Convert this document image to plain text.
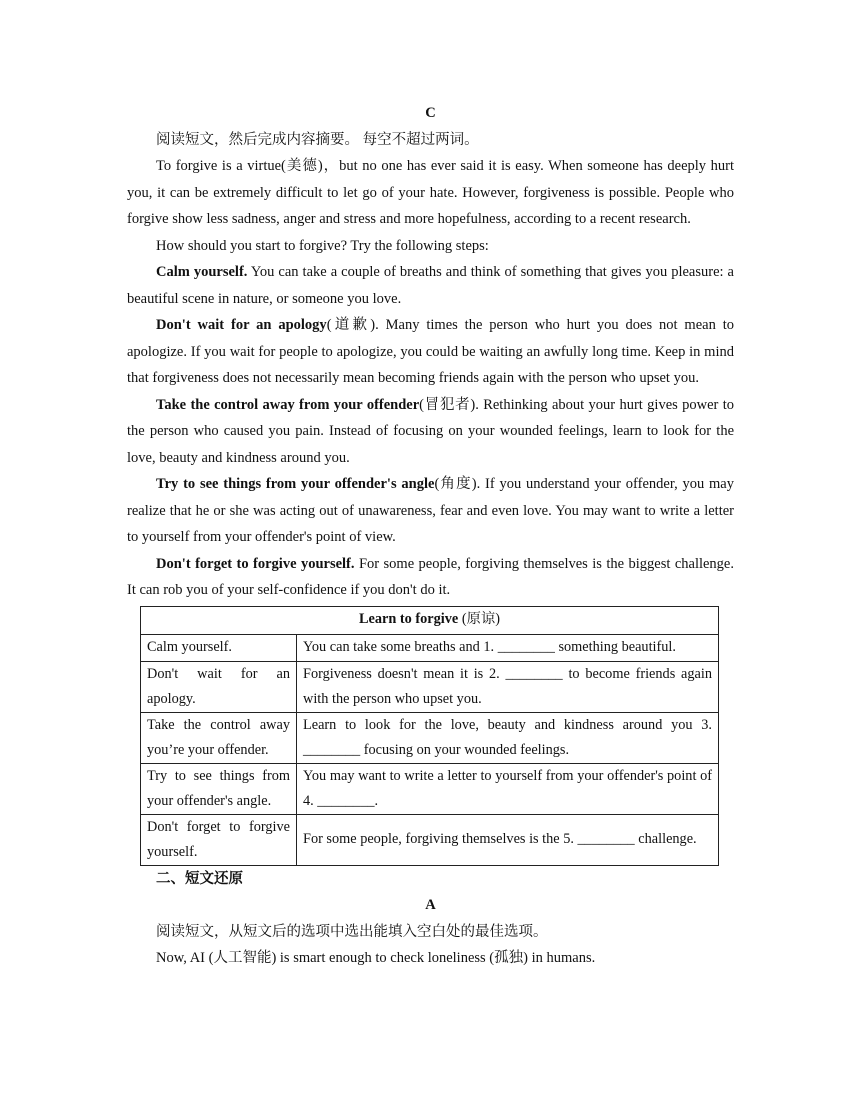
C

阅读短文，然后完成内容摘要。 每空不超过两词。

To forgive is a virtue(美德)，but no one has ever said it is easy. When someone has deeply hurt you, it can be extremely difficult to let go of your hate. However, forgiveness is possible. People who forgive show less sadness, anger and stress and more hopefulness, according to a recent research.

How should you start to forgive? Try the following steps:

Calm yourself. You can take a couple of breaths and think of something that gives you pleasure: a beautiful scene in nature, or someone you love.

Don't wait for an apology(道歉). Many times the person who hurt you does not mean to apologize. If you wait for people to apologize, you could be waiting an awfully long time. Keep in mind that forgiveness does not necessarily mean becoming friends again with the person who upset you.

Take the control away from your offender(冒犯者). Rethinking about your hurt gives power to the person who caused you pain. Instead of focusing on your wounded feelings, learn to look for the love, beauty and kindness around you.

Try to see things from your offender's angle(角度). If you understand your offender, you may realize that he or she was acting out of unawareness, fear and even love. You may want to write a letter to yourself from your offender's point of view.

Don't forget to forgive yourself. For some people, forgiving themselves is the biggest challenge. It can rob you of your self-confidence if you don't do it.

Learn to forgive (原谅)	
Calm yourself.	You can take some breaths and 1. ________ something beautiful.
Don't wait for an apology.	Forgiveness doesn't mean it is 2. ________ to become friends again with the person who upset you.
Take the control away you’re your offender.	Learn to look for the love, beauty and kindness around you 3. ________ focusing on your wounded feelings.
Try to see things from your offender's angle.	You may want to write a letter to yourself from your offender's point of 4. ________.
Don't forget to forgive yourself.	For some people, forgiving themselves is the 5. ________ challenge.

二、短文还原

A

阅读短文，从短文后的选项中选出能填入空白处的最佳选项。

Now, AI (人工智能) is smart enough to check loneliness (孤独) in humans.
